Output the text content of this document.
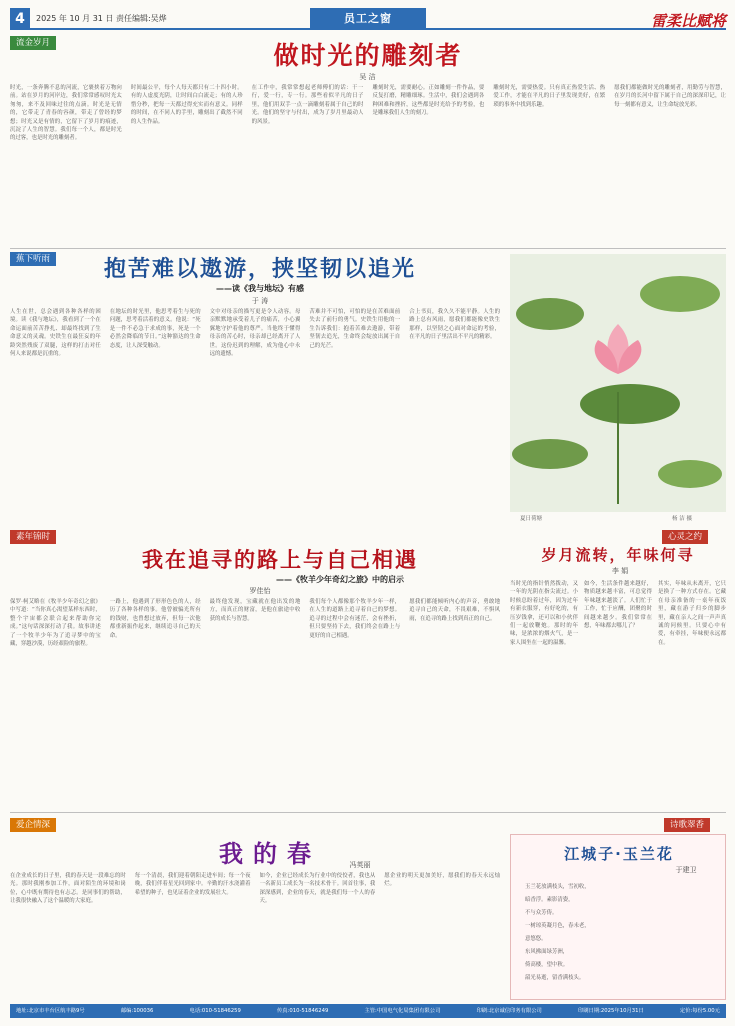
4	2025 年 10 月 31 日 责任编辑:吴烨	员工之窗	雷柔比赋将
流金岁月	做时光的雕刻者
吴 洁
时光，一条奔腾不息的河流，它裹挟着万物向前。站在岁月的河岸边，我们常常感叹时光太匆匆，来不及回味过往的点滴。时光是无情的，它带走了青春的容颜，带走了曾经的梦想；时光又是有情的，它留下了岁月的痕迹，沉淀了人生的智慧。我们每一个人，都是时光的过客，也是时光的雕刻者。
时间最公平，每个人每天都只有二十四小时。有的人虚度光阴，让时间白白流走；有的人珍惜分秒，把每一天都过得充实而有意义。同样的时间，在不同人的手里，雕刻出了截然不同的人生作品。
在工作中，我常常想起老师傅们的话：干一行，爱一行，专一行。那些看似平凡的日子里，他们用双手一点一滴雕刻着属于自己的时光。他们的坚守与付出，成为了岁月里最动人的风景。
雕刻时光，需要耐心。正如雕刻一件作品，要反复打磨，精雕细琢。生活中，我们会遇到各种困难和挫折，这些都是时光给予的考验，也是雕琢我们人生的刻刀。
雕刻时光，需要热爱。只有真正热爱生活、热爱工作，才能在平凡的日子里发现美好，在繁琐的事务中找到乐趣。
愿我们都能做时光的雕刻者，用勤劳与智慧，在岁月的长河中留下属于自己的深深印记，让每一刻都有意义，让生命绽放光彩。
蕉下听雨	抱苦难以遨游，挟坚韧以追光
——读《我与地坛》有感
于 涛
人生在世，总会遇到各种各样的困境。读《我与地坛》，我看到了一个在命运面前苦苦挣扎、却最终找到了生命意义的灵魂。史铁生在最狂妄的年龄突然残废了双腿，这样的打击对任何人来说都是沉重的。
在地坛的时光里，他思考着生与死的问题，思考着活着的意义。他说：“死是一件不必急于求成的事，死是一个必然会降临的节日。”这种豁达的生命态度，让人深受触动。
文中对母亲的描写更是令人动容。母亲默默地承受着儿子的痛苦，小心翼翼地守护着他的尊严。当他终于懂得母亲的苦心时，母亲却已经离开了人世。这份迟到的理解，成为他心中永远的遗憾。
苦难并不可怕，可怕的是在苦难面前失去了前行的勇气。史铁生用他的一生告诉我们：抱着苦难去遨游，带着坚韧去追光，生命终会绽放出属于自己的光芒。
合上书页，我久久不能平静。人生的路上总有风雨，愿我们都能像史铁生那样，以坚韧之心面对命运的考验，在平凡的日子里活出不平凡的精彩。
夏日荷塘	杨 洁 摄
心灵之约
岁月流转，年味何寻
李 娟
当时光的指针悄然拨动，又一年的光阴在指尖流过。小时候总盼着过年，因为过年有新衣服穿，有好吃的，有压岁钱拿，还可以和小伙伴们一起放鞭炮。那时的年味，是浓浓的烟火气，是一家人围坐在一起的温馨。
如今，生活条件越来越好，物质越来越丰富，可总觉得年味越来越淡了。人们忙于工作，忙于应酬，团聚的时间越来越少。我们常常在想，年味都去哪儿了？
其实，年味从未离开，它只是换了一种方式存在。它藏在母亲准备的一桌年夜饭里，藏在游子归乡的脚步里，藏在亲人之间一声声真诚的问候里。只要心中有爱，有牵挂，年味便永远都在。
素年锦时
我在追寻的路上与自己相遇
——《牧羊少年奇幻之旅》中的启示
罗佳怡
保罗·柯艾略在《牧羊少年奇幻之旅》中写道：“当你真心渴望某样东西时，整个宇宙都会联合起来帮助你完成。”这句话深深打动了我。故事讲述了一个牧羊少年为了追寻梦中的宝藏，穿越沙漠，历经艰险的旅程。
一路上，他遇到了形形色色的人，经历了各种各样的事。他曾被骗光所有的钱财，也曾想过放弃，但每一次他都重新振作起来，继续追寻自己的天命。
最终他发现，宝藏就在他出发的地方，而真正的财富，是他在旅途中收获的成长与智慧。
我们每个人都像那个牧羊少年一样，在人生的道路上追寻着自己的梦想。追寻的过程中会有迷茫，会有挫折，但只要坚持下去，我们终会在路上与更好的自己相遇。
愿我们都能倾听内心的声音，勇敢地追寻自己的天命，不畏艰难，不惧风雨，在追寻的路上找到真正的自己。
爱企情深
我的春	冯英丽
在企业成长的日子里，我的春天是一段难忘的时光。那时我刚参加工作，面对陌生的环境和岗位，心中既有期待也有忐忑。是同事们的帮助，让我很快融入了这个温暖的大家庭。
每一个清晨，我们迎着朝阳走进车间；每一个夜晚，我们伴着星光回到家中。辛勤的汗水浇灌着希望的种子，也见证着企业的发展壮大。
如今，企业已经成长为行业中的佼佼者，我也从一名新员工成长为一名技术骨干。回首往事，我深深感到，企业的春天，就是我们每一个人的春天。
愿企业的明天更加美好，愿我们的春天永远灿烂。
诗歌翠香
江城子·玉兰花
于建卫
玉兰花放满枝头，雪初收，
暗香浮。素影清姿，
不与众芳俦。
一树琼英凝月色，春未老，
意悠悠。
东风拂面绿芳洲，
倚高楼，望中秋。
韶光易逝，留香满枝头。
地址:北京市丰台区航丰路9号	邮编:100036	电话:010-51846259	传真:010-51846249	主管:中国电气化局集团有限公司	印刷:北京诚信印务有限公司	印刷日期:2025年10月31日	定价:每份5.00元
